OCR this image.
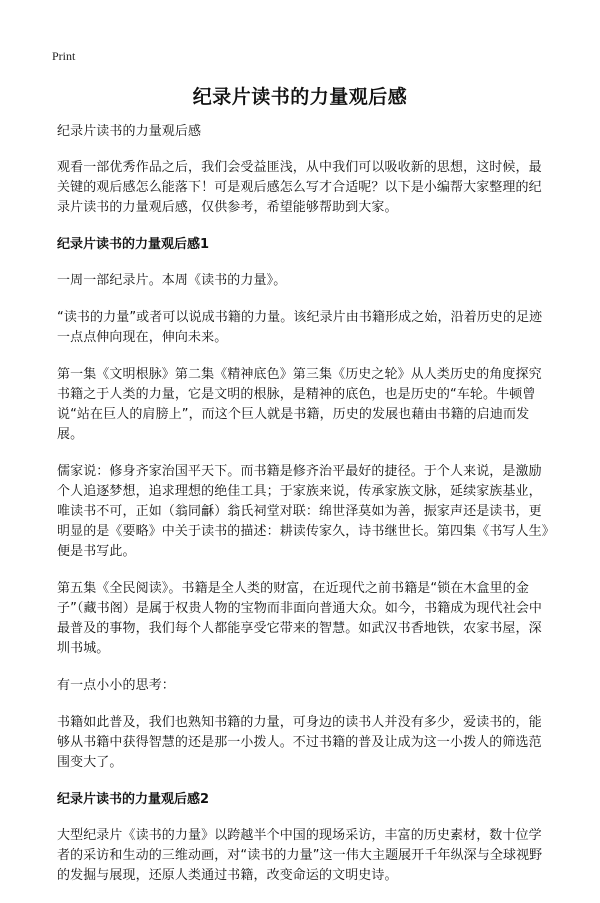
Print
纪录片读书的力量观后感

纪录片读书的力量观后感

观看一部优秀作品之后，我们会受益匪浅，从中我们可以吸收新的思想，这时候，最关键的观后感怎么能落下！可是观后感怎么写才合适呢？以下是小编帮大家整理的纪录片读书的力量观后感，仅供参考，希望能够帮助到大家。

纪录片读书的力量观后感1

一周一部纪录片。本周《读书的力量》。

“读书的力量”或者可以说成书籍的力量。该纪录片由书籍形成之始，沿着历史的足迹一点点伸向现在，伸向未来。

第一集《文明根脉》第二集《精神底色》第三集《历史之轮》从人类历史的角度探究书籍之于人类的力量，它是文明的根脉，是精神的底色，也是历史的“车轮。牛顿曾说“站在巨人的肩膀上”，而这个巨人就是书籍，历史的发展也藉由书籍的启迪而发展。

儒家说：修身齐家治国平天下。而书籍是修齐治平最好的捷径。于个人来说，是激励个人追逐梦想，追求理想的绝佳工具；于家族来说，传承家族文脉，延续家族基业，唯读书不可，正如（翁同龢）翁氏祠堂对联：绵世泽莫如为善，振家声还是读书，更明显的是《要略》中关于读书的描述：耕读传家久，诗书继世长。第四集《书写人生》便是书写此。

第五集《全民阅读》。书籍是全人类的财富，在近现代之前书籍是“锁在木盒里的金子”（藏书阁）是属于权贵人物的宝物而非面向普通大众。如今，书籍成为现代社会中最普及的事物，我们每个人都能享受它带来的智慧。如武汉书香地铁，农家书屋，深圳书城。

有一点小小的思考：

书籍如此普及，我们也熟知书籍的力量，可身边的读书人并没有多少，爱读书的，能够从书籍中获得智慧的还是那一小拨人。不过书籍的普及让成为这一小拨人的筛选范围变大了。

纪录片读书的力量观后感2

大型纪录片《读书的力量》以跨越半个中国的现场采访，丰富的历史素材，数十位学者的采访和生动的三维动画，对“读书的力量”这一伟大主题展开千年纵深与全球视野的发掘与展现，还原人类通过书籍，改变命运的文明史诗。
